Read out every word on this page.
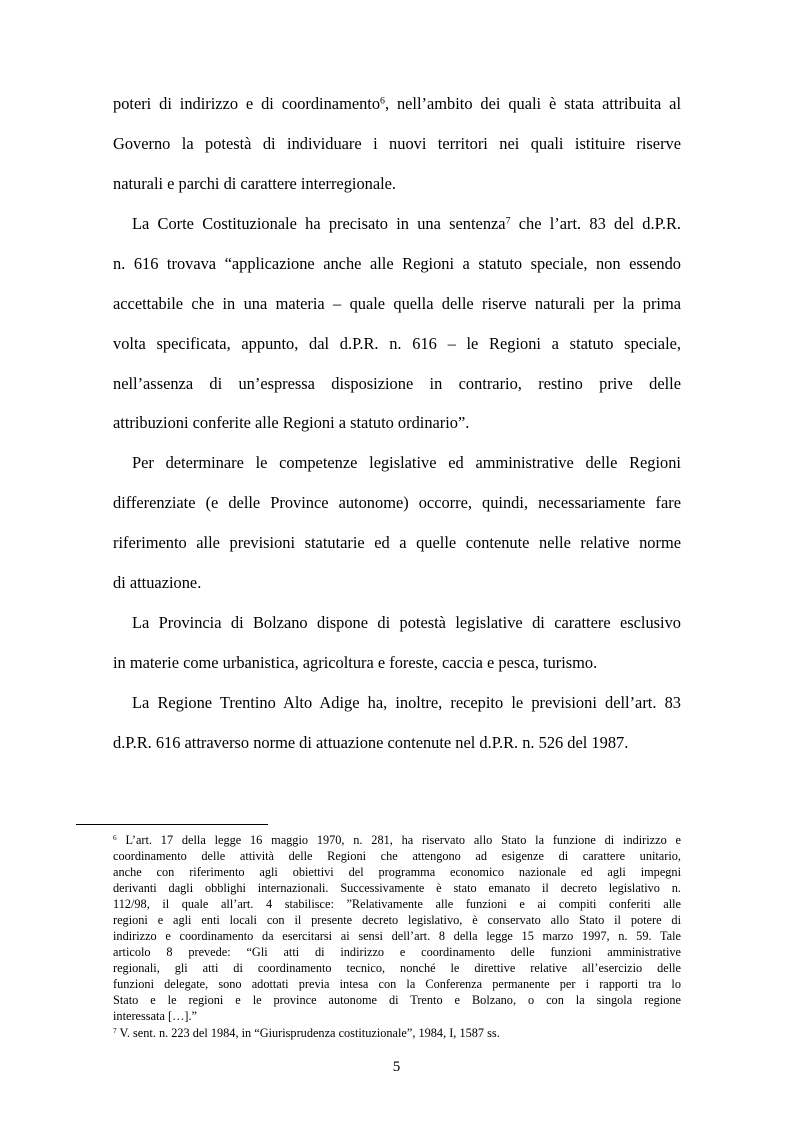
poteri di indirizzo e di coordinamento$^6$, nell’ambito dei quali è stata attribuita al
Governo la potestà di individuare i nuovi territori nei quali istituire riserve
naturali e parchi di carattere interregionale.
La Corte Costituzionale ha precisato in una sentenza$^7$ che l’art. 83 del d.P.R.
n. 616 trovava “applicazione anche alle Regioni a statuto speciale, non essendo
accettabile che in una materia – quale quella delle riserve naturali per la prima
volta specificata, appunto, dal d.P.R. n. 616 – le Regioni a statuto speciale,
nell’assenza di un’espressa disposizione in contrario, restino prive delle
attribuzioni conferite alle Regioni a statuto ordinario”.
Per determinare le competenze legislative ed amministrative delle Regioni
differenziate (e delle Province autonome) occorre, quindi, necessariamente fare
riferimento alle previsioni statutarie ed a quelle contenute nelle relative norme
di attuazione.
La Provincia di Bolzano dispone di potestà legislative di carattere esclusivo
in materie come urbanistica, agricoltura e foreste, caccia e pesca, turismo.
La Regione Trentino Alto Adige ha, inoltre, recepito le previsioni dell’art. 83
d.P.R. 616 attraverso norme di attuazione contenute nel d.P.R. n. 526 del 1987.
$^6$ L’art. 17 della legge 16 maggio 1970, n. 281, ha riservato allo Stato la funzione di indirizzo e
coordinamento delle attività delle Regioni che attengono ad esigenze di carattere unitario,
anche con riferimento agli obiettivi del programma economico nazionale ed agli impegni
derivanti dagli obblighi internazionali. Successivamente è stato emanato il decreto legislativo n.
112/98, il quale all’art. 4 stabilisce: ”Relativamente alle funzioni e ai compiti conferiti alle
regioni e agli enti locali con il presente decreto legislativo, è conservato allo Stato il potere di
indirizzo e coordinamento da esercitarsi ai sensi dell’art. 8 della legge 15 marzo 1997, n. 59. Tale
articolo 8 prevede: “Gli atti di indirizzo e coordinamento delle funzioni amministrative
regionali, gli atti di coordinamento tecnico, nonché le direttive relative all’esercizio delle
funzioni delegate, sono adottati previa intesa con la Conferenza permanente per i rapporti tra lo
Stato e le regioni e le province autonome di Trento e Bolzano, o con la singola regione
interessata […].”
$^7$ V. sent. n. 223 del 1984, in “Giurisprudenza costituzionale”, 1984, I, 1587 ss.
5
